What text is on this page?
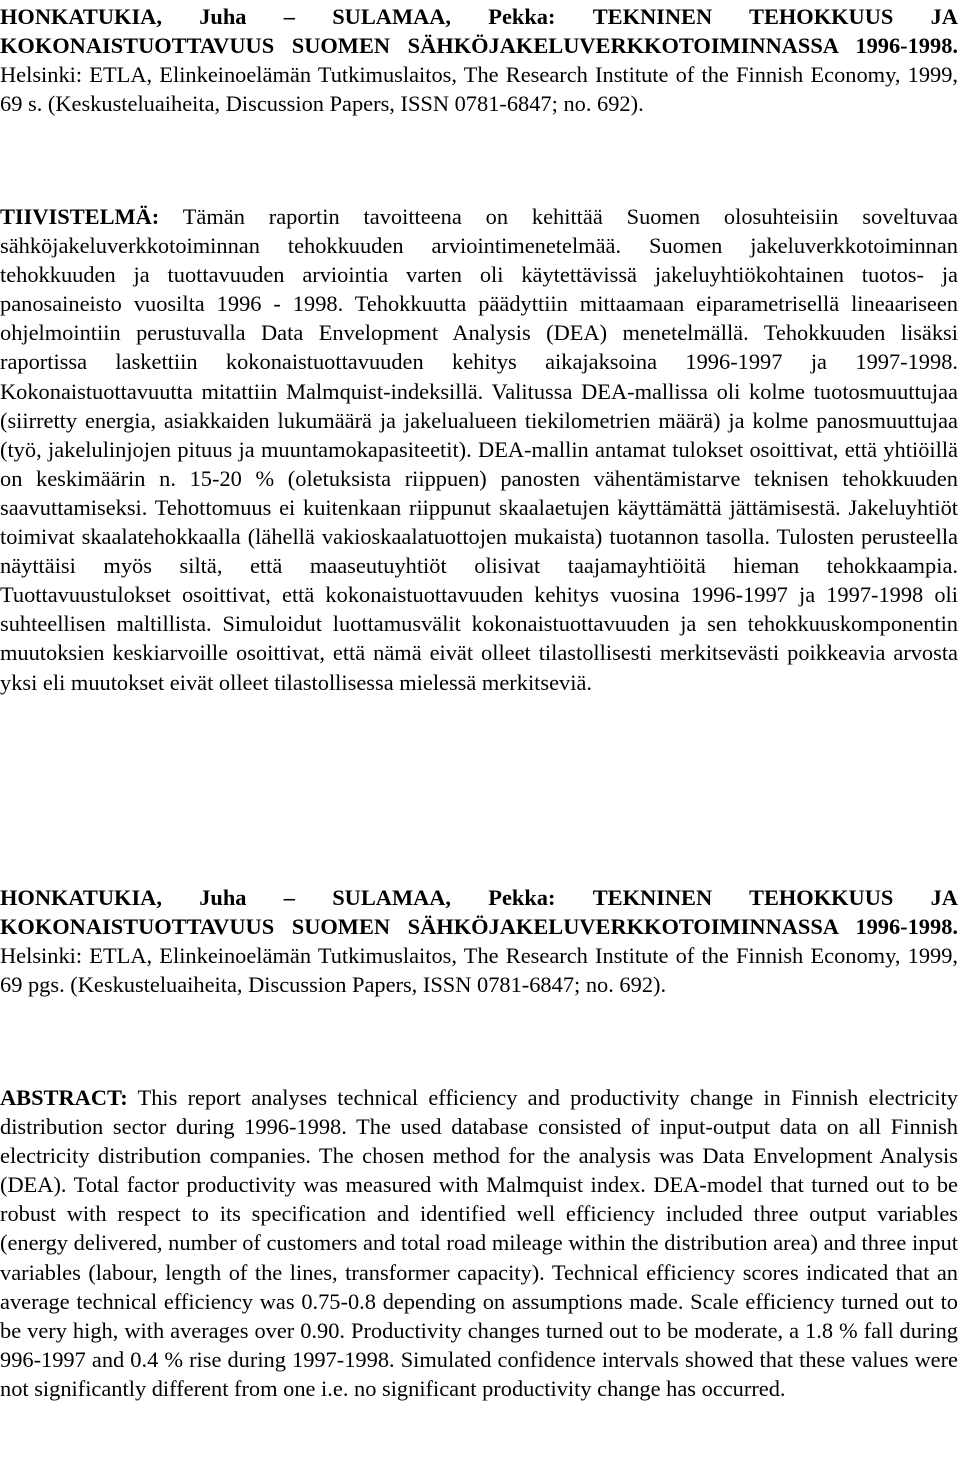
HONKATUKIA, Juha – SULAMAA, Pekka: TEKNINEN TEHOKKUUS JA KOKONAISTUOTTAVUUS SUOMEN SÄHKÖJAKELUVERKKOTOIMINNASSA 1996-1998. Helsinki: ETLA, Elinkeinoelämän Tutkimuslaitos, The Research Institute of the Finnish Economy, 1999, 69 s. (Keskusteluaiheita, Discussion Papers, ISSN 0781-6847; no. 692).

TIIVISTELMÄ: Tämän raportin tavoitteena on kehittää Suomen olosuhteisiin soveltuvaa sähköjakeluverkkotoiminnan tehokkuuden arviointimenetelmää. Suomen jakeluverkkotoiminnan tehokkuuden ja tuottavuuden arviointia varten oli käytettävissä jakeluyhtiökohtainen tuotos- ja panosaineisto vuosilta 1996 - 1998. Tehokkuutta päädyttiin mittaamaan eiparametrisellä lineaariseen ohjelmointiin perustuvalla Data Envelopment Analysis (DEA) menetelmällä. Tehokkuuden lisäksi raportissa laskettiin kokonaistuottavuuden kehitys aikajaksoina 1996-1997 ja 1997-1998. Kokonaistuottavuutta mitattiin Malmquist-indeksillä. Valitussa DEA-mallissa oli kolme tuotosmuuttujaa (siirretty energia, asiakkaiden lukumäärä ja jakelualueen tiekilometrien määrä) ja kolme panosmuuttujaa (työ, jakelulinjojen pituus ja muuntamokapasiteetit). DEA-mallin antamat tulokset osoittivat, että yhtiöillä on keskimäärin n. 15-20 % (oletuksista riippuen) panosten vähentämistarve teknisen tehokkuuden saavuttamiseksi. Tehottomuus ei kuitenkaan riippunut skaalaetujen käyttämättä jättämisestä. Jakeluyhtiöt toimivat skaalatehokkaalla (lähellä vakioskaalatuottojen mukaista) tuotannon tasolla. Tulosten perusteella näyttäisi myös siltä, että maaseutuyhtiöt olisivat taajamayhtiöitä hieman tehokkaampia. Tuottavuustulokset osoittivat, että kokonaistuottavuuden kehitys vuosina 1996-1997 ja 1997-1998 oli suhteellisen maltillista. Simuloidut luottamusvälit kokonaistuottavuuden ja sen tehokkuuskomponentin muutoksien keskiarvoille osoittivat, että nämä eivät olleet tilastollisesti merkitsevästi poikkeavia arvosta yksi eli muutokset eivät olleet tilastollisessa mielessä merkitseviä.

HONKATUKIA, Juha – SULAMAA, Pekka: TEKNINEN TEHOKKUUS JA KOKONAISTUOTTAVUUS SUOMEN SÄHKÖJAKELUVERKKOTOIMINNASSA 1996-1998. Helsinki: ETLA, Elinkeinoelämän Tutkimuslaitos, The Research Institute of the Finnish Economy, 1999, 69 pgs. (Keskusteluaiheita, Discussion Papers, ISSN 0781-6847; no. 692).

ABSTRACT: This report analyses technical efficiency and productivity change in Finnish electricity distribution sector during 1996-1998. The used database consisted of input-output data on all Finnish electricity distribution companies. The chosen method for the analysis was Data Envelopment Analysis (DEA). Total factor productivity was measured with Malmquist index. DEA-model that turned out to be robust with respect to its specification and identified well efficiency included three output variables (energy delivered, number of customers and total road mileage within the distribution area) and three input variables (labour, length of the lines, transformer capacity). Technical efficiency scores indicated that an average technical efficiency was 0.75-0.8 depending on assumptions made. Scale efficiency turned out to be very high, with averages over 0.90. Productivity changes turned out to be moderate, a 1.8 % fall during 996-1997 and 0.4 % rise during 1997-1998. Simulated confidence intervals showed that these values were not significantly different from one i.e. no significant productivity change has occurred.
